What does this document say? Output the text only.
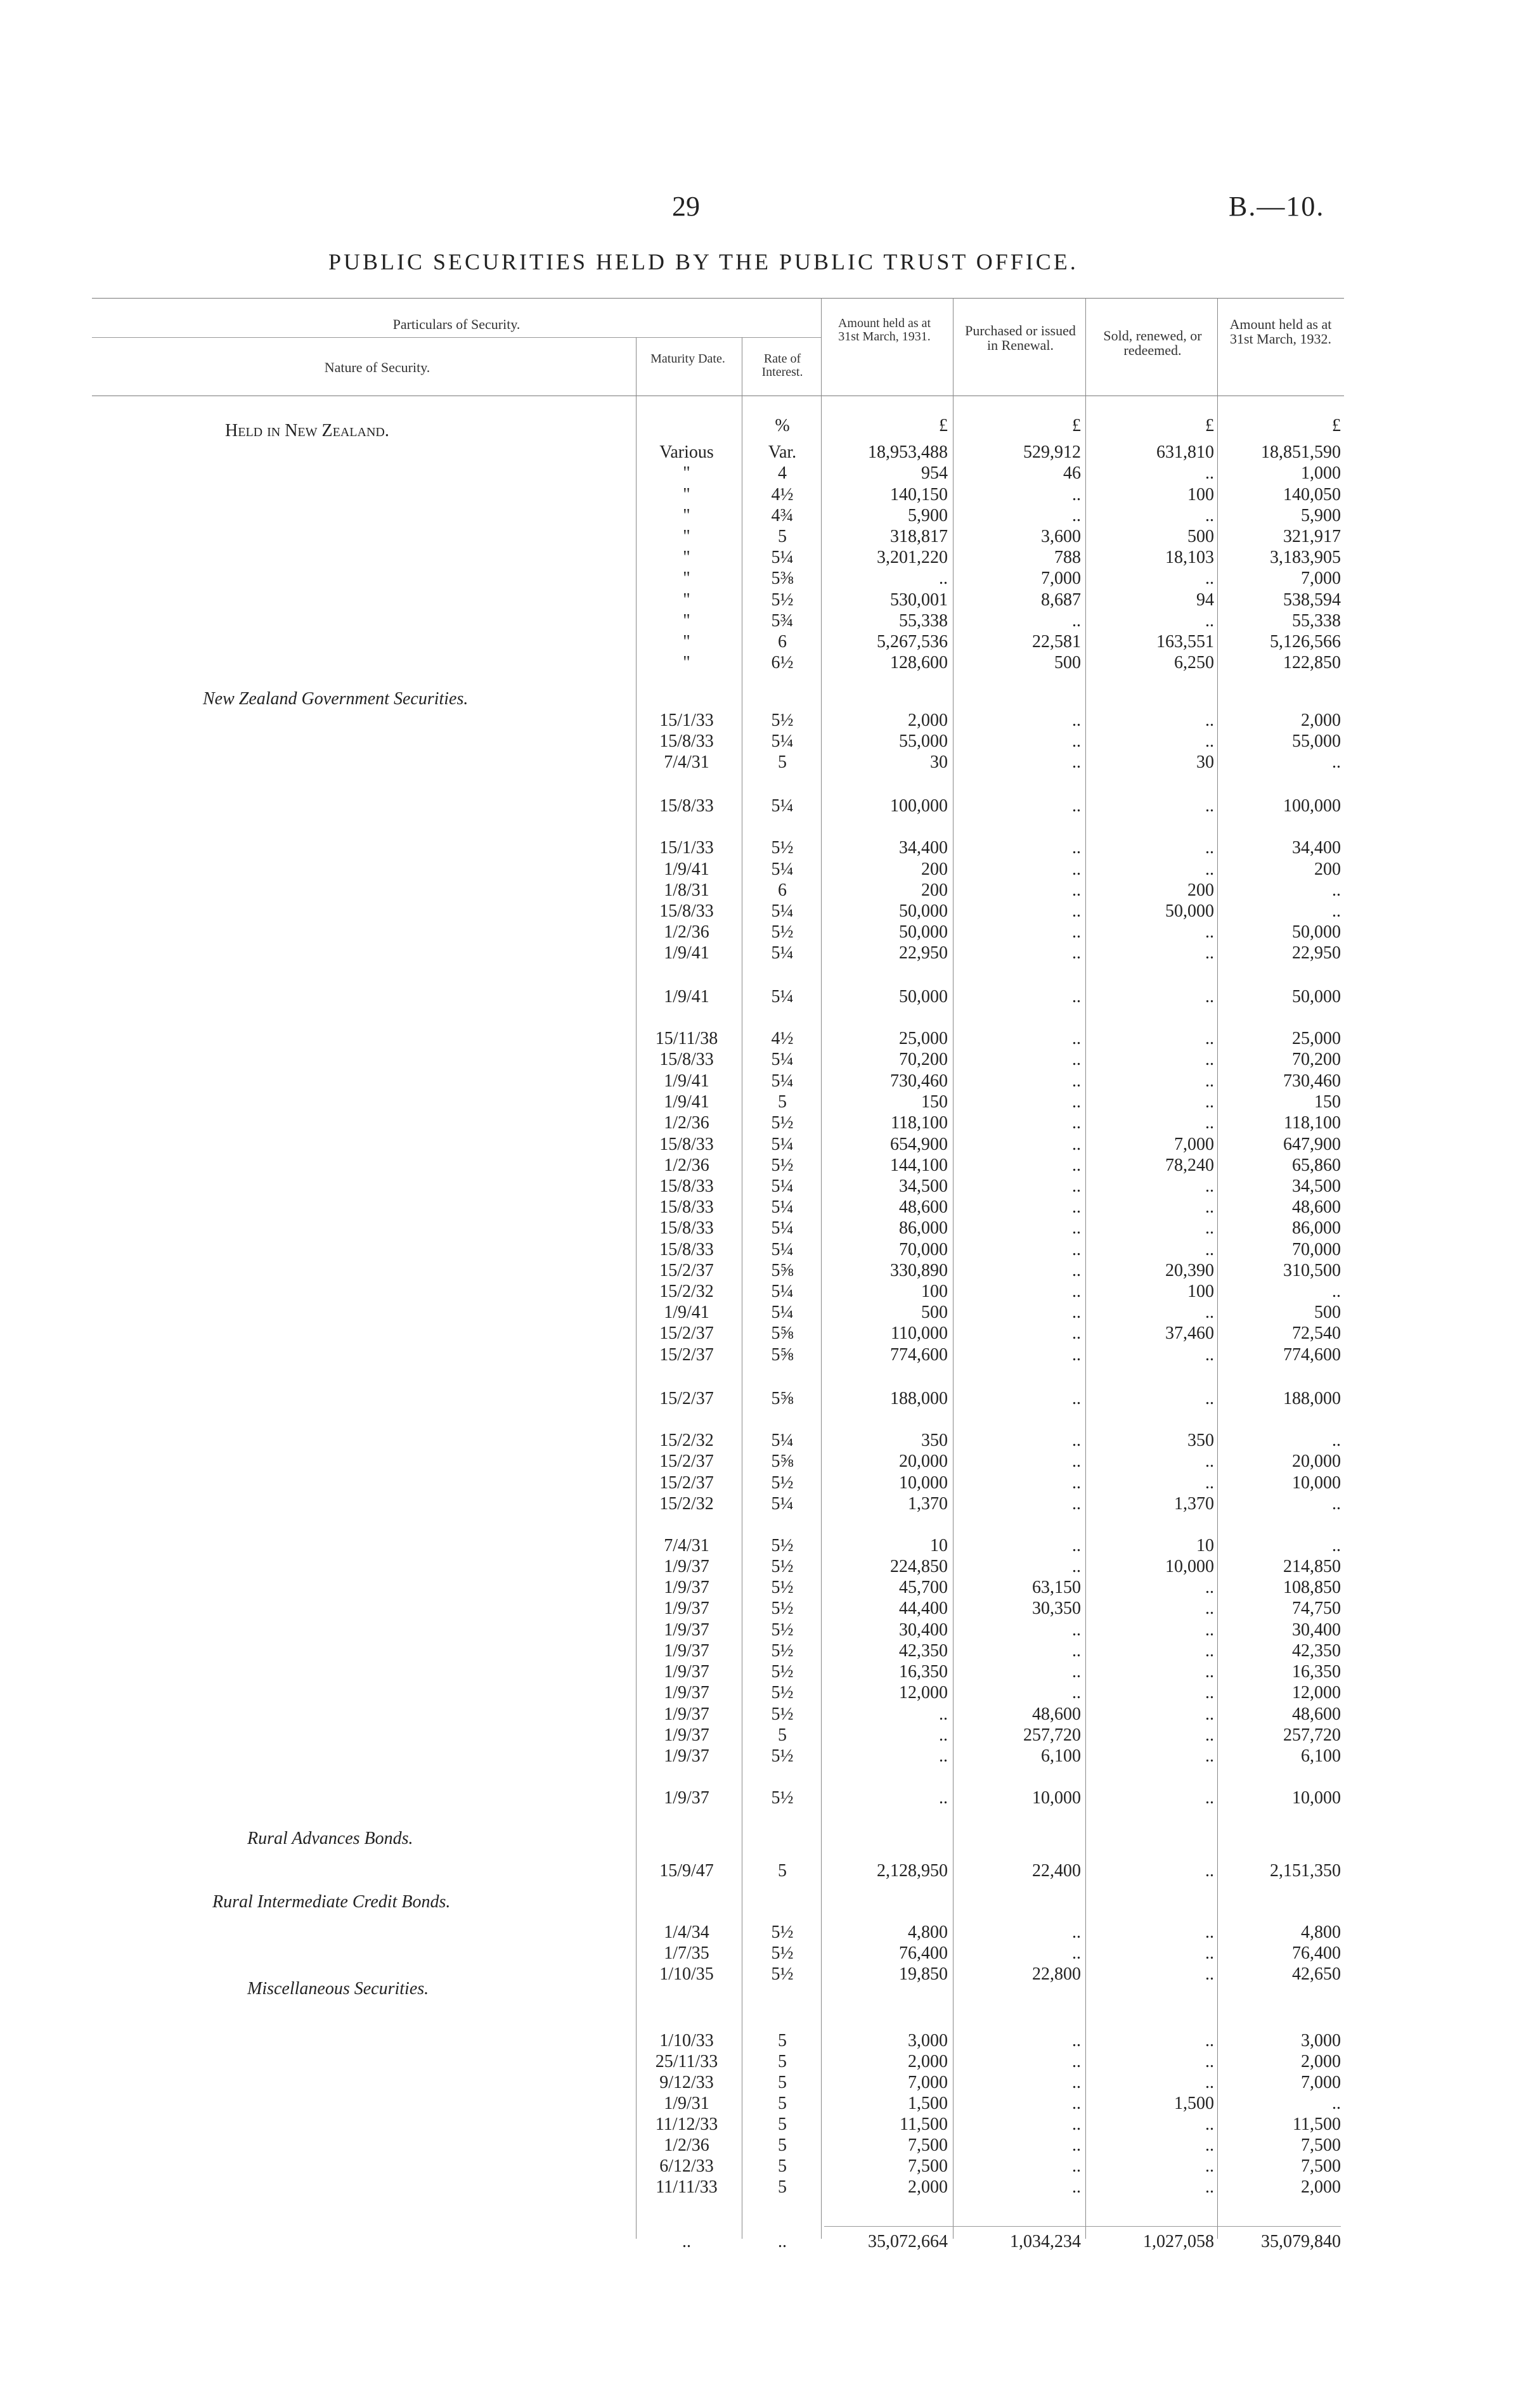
29	B.—10.
PUBLIC SECURITIES HELD BY THE PUBLIC TRUST OFFICE.
Particulars of Security.
Nature of Security.
Maturity Date.	Rate of Interest.
Amount held as at 31st March, 1931.	Purchased or issued in Renewal.
Sold, renewed, or redeemed.
Amount held as at 31st March, 1932.
%	£	£	£	£
Held in New Zealand.
New Zealand Government Securities.
Rural Advances Bonds.
Rural Intermediate Credit Bonds.
Miscellaneous Securities.
Various	Var.	18,953,488	529,912	631,810	18,851,590
"	4	954	46	..	1,000
"	4½	140,150	..	100	140,050
"	4¾	5,900	..	..	5,900
"	5	318,817	3,600	500	321,917
"	5¼	3,201,220	788	18,103	3,183,905
"	5⅜	..	7,000	..	7,000
"	5½	530,001	8,687	94	538,594
"	5¾	55,338	..	..	55,338
"	6	5,267,536	22,581	163,551	5,126,566
"	6½	128,600	500	6,250	122,850
15/1/33	5½	2,000	..	..	2,000
15/8/33	5¼	55,000	..	..	55,000
7/4/31	5	30	..	30	..
15/8/33	5¼	100,000	..	..	100,000
15/1/33	5½	34,400	..	..	34,400
1/9/41	5¼	200	..	..	200
1/8/31	6	200	..	200	..
15/8/33	5¼	50,000	..	50,000	..
1/2/36	5½	50,000	..	..	50,000
1/9/41	5¼	22,950	..	..	22,950
1/9/41	5¼	50,000	..	..	50,000
15/11/38	4½	25,000	..	..	25,000
15/8/33	5¼	70,200	..	..	70,200
1/9/41	5¼	730,460	..	..	730,460
1/9/41	5	150	..	..	150
1/2/36	5½	118,100	..	..	118,100
15/8/33	5¼	654,900	..	7,000	647,900
1/2/36	5½	144,100	..	78,240	65,860
15/8/33	5¼	34,500	..	..	34,500
15/8/33	5¼	48,600	..	..	48,600
15/8/33	5¼	86,000	..	..	86,000
15/8/33	5¼	70,000	..	..	70,000
15/2/37	5⅝	330,890	..	20,390	310,500
15/2/32	5¼	100	..	100	..
1/9/41	5¼	500	..	..	500
15/2/37	5⅝	110,000	..	37,460	72,540
15/2/37	5⅝	774,600	..	..	774,600
15/2/37	5⅝	188,000	..	..	188,000
15/2/32	5¼	350	..	350	..
15/2/37	5⅝	20,000	..	..	20,000
15/2/37	5½	10,000	..	..	10,000
15/2/32	5¼	1,370	..	1,370	..
7/4/31	5½	10	..	10	..
1/9/37	5½	224,850	..	10,000	214,850
1/9/37	5½	45,700	63,150	..	108,850
1/9/37	5½	44,400	30,350	..	74,750
1/9/37	5½	30,400	..	..	30,400
1/9/37	5½	42,350	..	..	42,350
1/9/37	5½	16,350	..	..	16,350
1/9/37	5½	12,000	..	..	12,000
1/9/37	5½	..	48,600	..	48,600
1/9/37	5	..	257,720	..	257,720
1/9/37	5½	..	6,100	..	6,100
1/9/37	5½	..	10,000	..	10,000
15/9/47	5	2,128,950	22,400	..	2,151,350
1/4/34	5½	4,800	..	..	4,800
1/7/35	5½	76,400	..	..	76,400
1/10/35	5½	19,850	22,800	..	42,650
1/10/33	5	3,000	..	..	3,000
25/11/33	5	2,000	..	..	2,000
9/12/33	5	7,000	..	..	7,000
1/9/31	5	1,500	..	1,500	..
11/12/33	5	11,500	..	..	11,500
1/2/36	5	7,500	..	..	7,500
6/12/33	5	7,500	..	..	7,500
11/11/33	5	2,000	..	..	2,000
..	..	35,072,664	1,034,234	1,027,058	35,079,840
